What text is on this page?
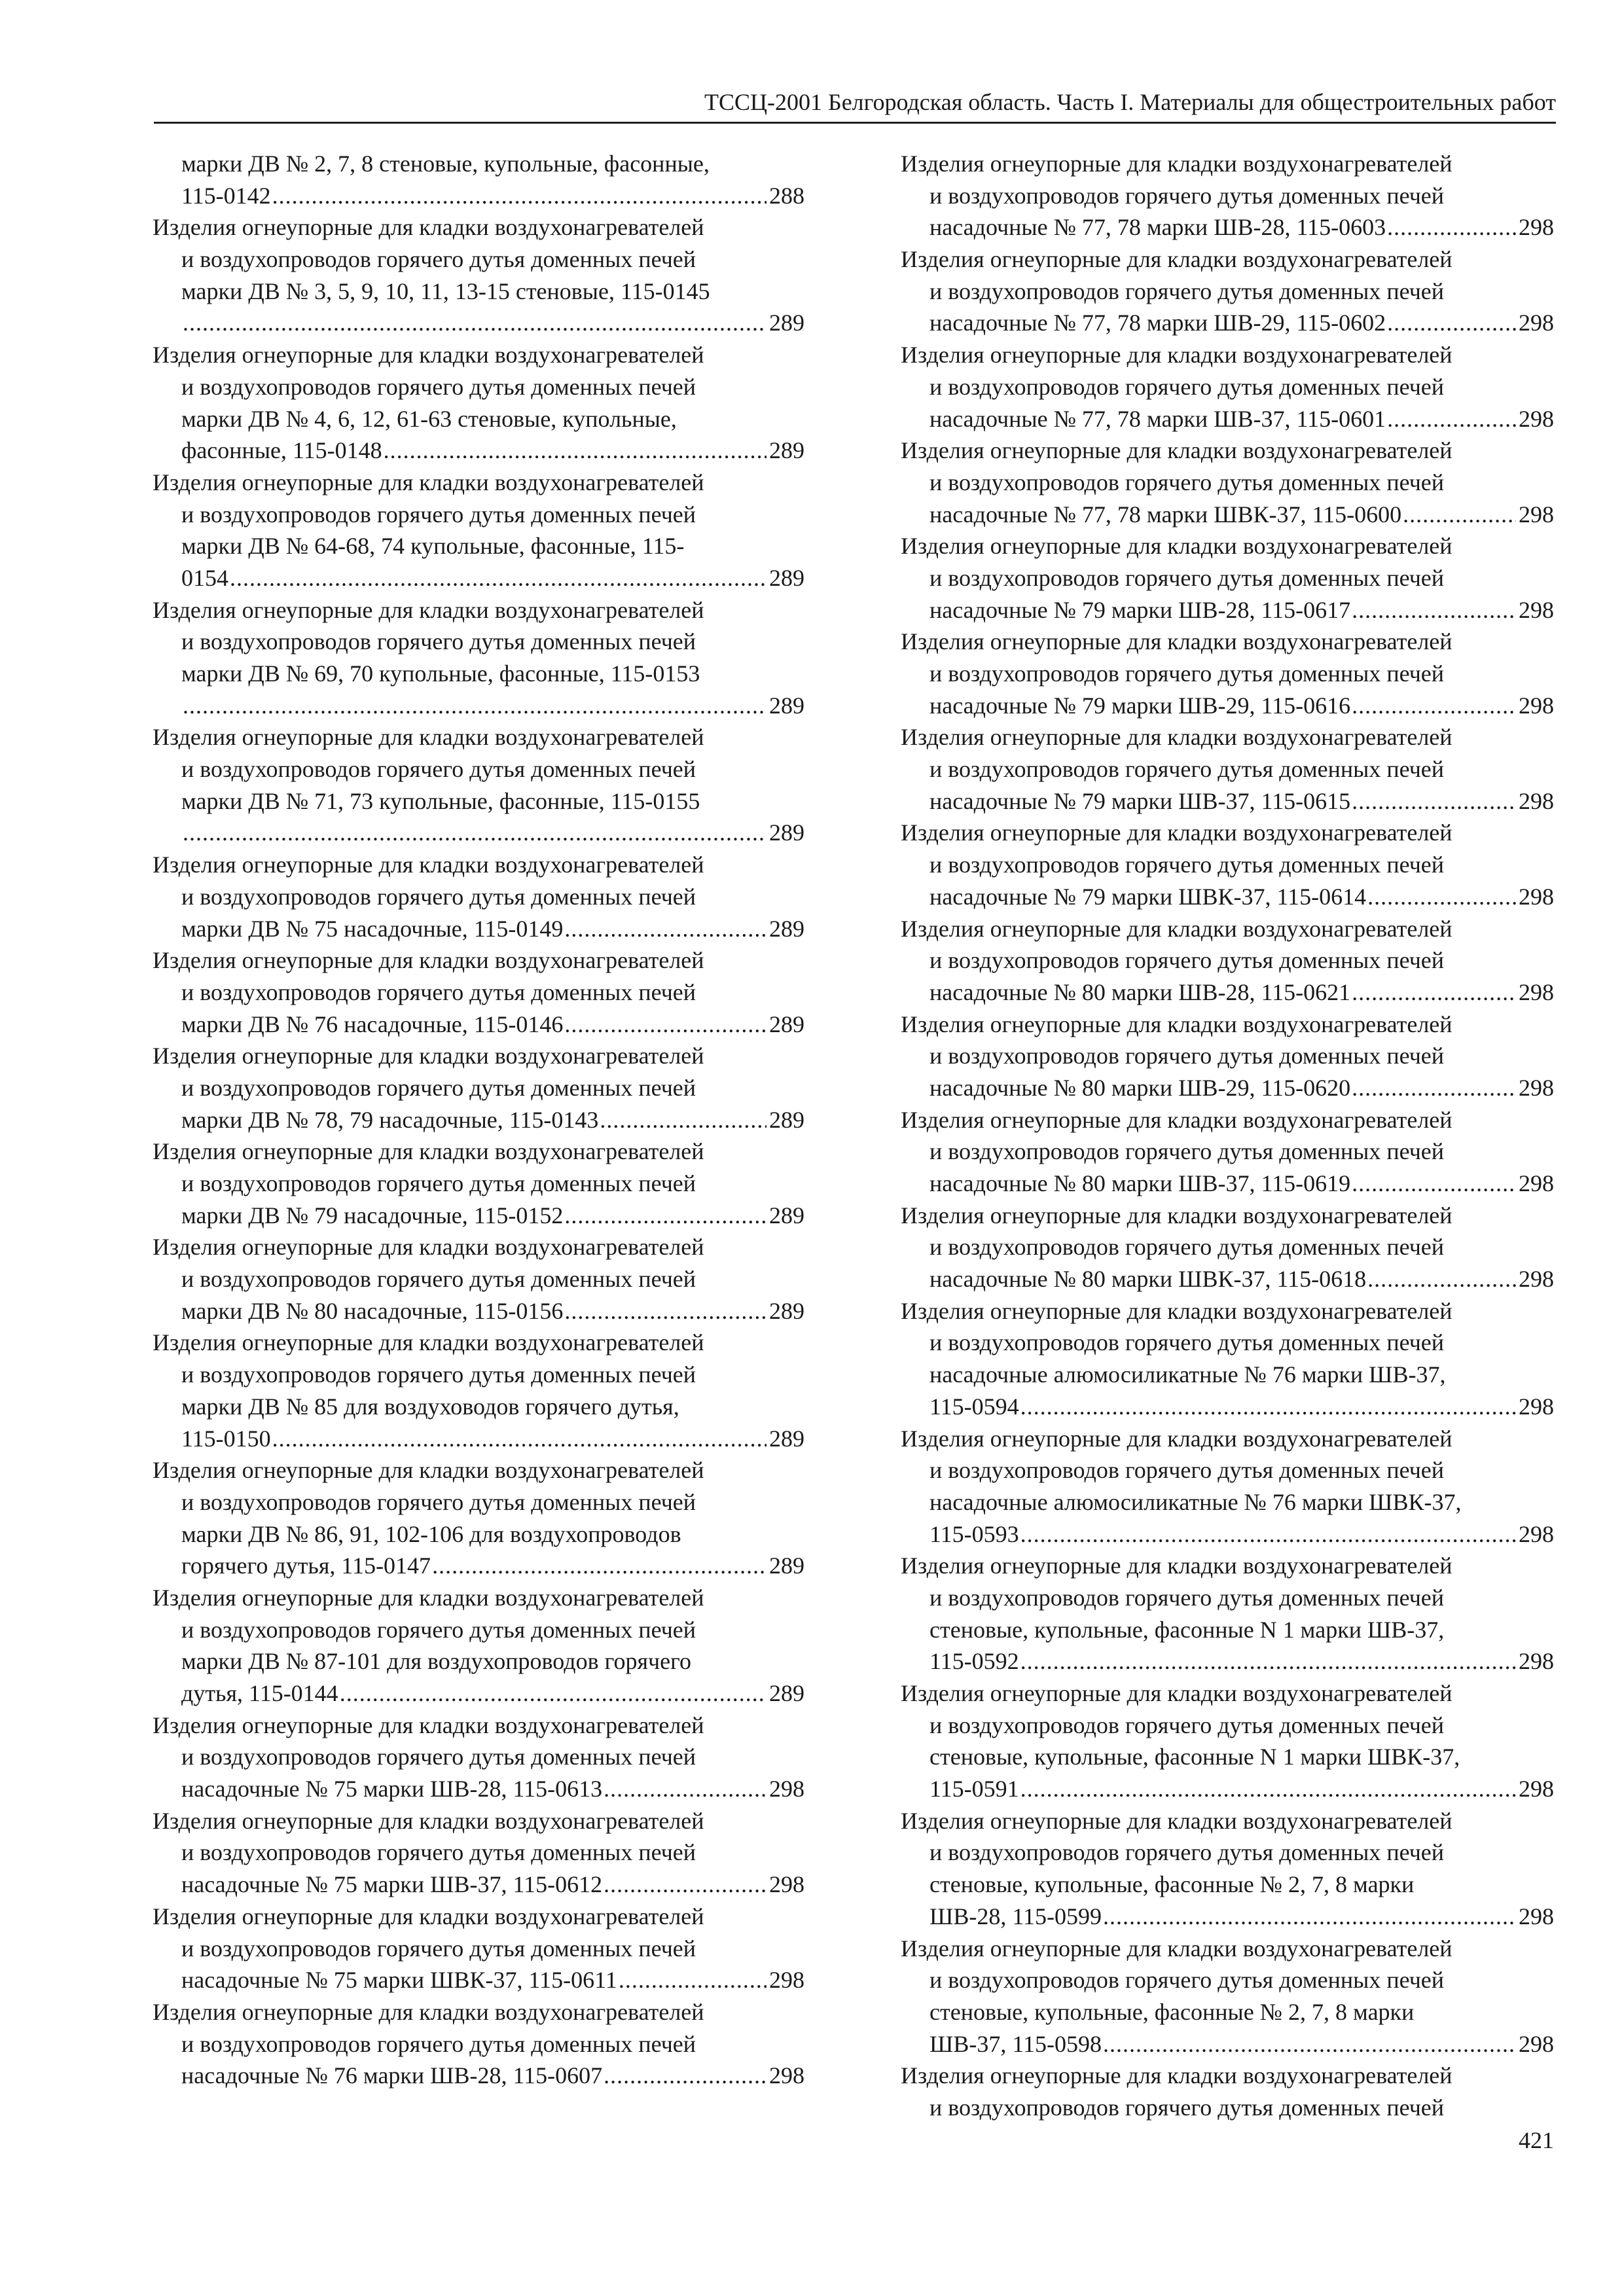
ТССЦ-2001 Белгородская область. Часть I. Материалы для общестроительных работ
марки ДВ № 2, 7, 8 стеновые, купольные, фасонные,
115-0142 .....	288
Изделия огнеупорные для кладки воздухонагревателей
и воздухопроводов горячего дутья доменных печей
марки ДВ № 3, 5, 9, 10, 11, 13-15 стеновые, 115-0145
.....
289
Изделия огнеупорные для кладки воздухонагревателей
и воздухопроводов горячего дутья доменных печей
марки ДВ № 4, 6, 12, 61-63 стеновые, купольные,
фасонные, 115-0148 .....	289
Изделия огнеупорные для кладки воздухонагревателей
и воздухопроводов горячего дутья доменных печей
марки ДВ № 64-68, 74 купольные, фасонные, 115-
0154 .....	289
Изделия огнеупорные для кладки воздухонагревателей
и воздухопроводов горячего дутья доменных печей
марки ДВ № 69, 70 купольные, фасонные, 115-0153
.....
289
Изделия огнеупорные для кладки воздухонагревателей
и воздухопроводов горячего дутья доменных печей
марки ДВ № 71, 73 купольные, фасонные, 115-0155
.....
289
Изделия огнеупорные для кладки воздухонагревателей
и воздухопроводов горячего дутья доменных печей
марки ДВ № 75 насадочные, 115-0149 .....	289
Изделия огнеупорные для кладки воздухонагревателей
и воздухопроводов горячего дутья доменных печей
марки ДВ № 76 насадочные, 115-0146 .....	289
Изделия огнеупорные для кладки воздухонагревателей
и воздухопроводов горячего дутья доменных печей
марки ДВ № 78, 79 насадочные, 115-0143 .....	289
Изделия огнеупорные для кладки воздухонагревателей
и воздухопроводов горячего дутья доменных печей
марки ДВ № 79 насадочные, 115-0152 .....	289
Изделия огнеупорные для кладки воздухонагревателей
и воздухопроводов горячего дутья доменных печей
марки ДВ № 80 насадочные, 115-0156 .....	289
Изделия огнеупорные для кладки воздухонагревателей
и воздухопроводов горячего дутья доменных печей
марки ДВ № 85 для воздуховодов горячего дутья,
115-0150 .....	289
Изделия огнеупорные для кладки воздухонагревателей
и воздухопроводов горячего дутья доменных печей
марки ДВ № 86, 91, 102-106 для воздухопроводов
горячего дутья, 115-0147 .....	289
Изделия огнеупорные для кладки воздухонагревателей
и воздухопроводов горячего дутья доменных печей
марки ДВ № 87-101 для воздухопроводов горячего
дутья, 115-0144 .....	289
Изделия огнеупорные для кладки воздухонагревателей
и воздухопроводов горячего дутья доменных печей
насадочные № 75 марки ШВ-28, 115-0613 .....	298
Изделия огнеупорные для кладки воздухонагревателей
и воздухопроводов горячего дутья доменных печей
насадочные № 75 марки ШВ-37, 115-0612 .....	298
Изделия огнеупорные для кладки воздухонагревателей
и воздухопроводов горячего дутья доменных печей
насадочные № 75 марки ШВК-37, 115-0611 .....	298
Изделия огнеупорные для кладки воздухонагревателей
и воздухопроводов горячего дутья доменных печей
насадочные № 76 марки ШВ-28, 115-0607 .....	298
Изделия огнеупорные для кладки воздухонагревателей
и воздухопроводов горячего дутья доменных печей
насадочные № 77, 78 марки ШВ-28, 115-0603 .....	298
Изделия огнеупорные для кладки воздухонагревателей
и воздухопроводов горячего дутья доменных печей
насадочные № 77, 78 марки ШВ-29, 115-0602 .....	298
Изделия огнеупорные для кладки воздухонагревателей
и воздухопроводов горячего дутья доменных печей
насадочные № 77, 78 марки ШВ-37, 115-0601 .....	298
Изделия огнеупорные для кладки воздухонагревателей
и воздухопроводов горячего дутья доменных печей
насадочные № 77, 78 марки ШВК-37, 115-0600 .....	298
Изделия огнеупорные для кладки воздухонагревателей
и воздухопроводов горячего дутья доменных печей
насадочные № 79 марки ШВ-28, 115-0617 .....	298
Изделия огнеупорные для кладки воздухонагревателей
и воздухопроводов горячего дутья доменных печей
насадочные № 79 марки ШВ-29, 115-0616 .....	298
Изделия огнеупорные для кладки воздухонагревателей
и воздухопроводов горячего дутья доменных печей
насадочные № 79 марки ШВ-37, 115-0615 .....	298
Изделия огнеупорные для кладки воздухонагревателей
и воздухопроводов горячего дутья доменных печей
насадочные № 79 марки ШВК-37, 115-0614 .....	298
Изделия огнеупорные для кладки воздухонагревателей
и воздухопроводов горячего дутья доменных печей
насадочные № 80 марки ШВ-28, 115-0621 .....	298
Изделия огнеупорные для кладки воздухонагревателей
и воздухопроводов горячего дутья доменных печей
насадочные № 80 марки ШВ-29, 115-0620 .....	298
Изделия огнеупорные для кладки воздухонагревателей
и воздухопроводов горячего дутья доменных печей
насадочные № 80 марки ШВ-37, 115-0619 .....	298
Изделия огнеупорные для кладки воздухонагревателей
и воздухопроводов горячего дутья доменных печей
насадочные № 80 марки ШВК-37, 115-0618 .....	298
Изделия огнеупорные для кладки воздухонагревателей
и воздухопроводов горячего дутья доменных печей
насадочные алюмосиликатные № 76 марки ШВ-37,
115-0594 .....	298
Изделия огнеупорные для кладки воздухонагревателей
и воздухопроводов горячего дутья доменных печей
насадочные алюмосиликатные № 76 марки ШВК-37,
115-0593 .....	298
Изделия огнеупорные для кладки воздухонагревателей
и воздухопроводов горячего дутья доменных печей
стеновые, купольные, фасонные N 1 марки ШВ-37,
115-0592 .....	298
Изделия огнеупорные для кладки воздухонагревателей
и воздухопроводов горячего дутья доменных печей
стеновые, купольные, фасонные N 1 марки ШВК-37,
115-0591 .....	298
Изделия огнеупорные для кладки воздухонагревателей
и воздухопроводов горячего дутья доменных печей
стеновые, купольные, фасонные № 2, 7, 8 марки
ШВ-28, 115-0599 .....	298
Изделия огнеупорные для кладки воздухонагревателей
и воздухопроводов горячего дутья доменных печей
стеновые, купольные, фасонные № 2, 7, 8 марки
ШВ-37, 115-0598 .....	298
Изделия огнеупорные для кладки воздухонагревателей
и воздухопроводов горячего дутья доменных печей
421
